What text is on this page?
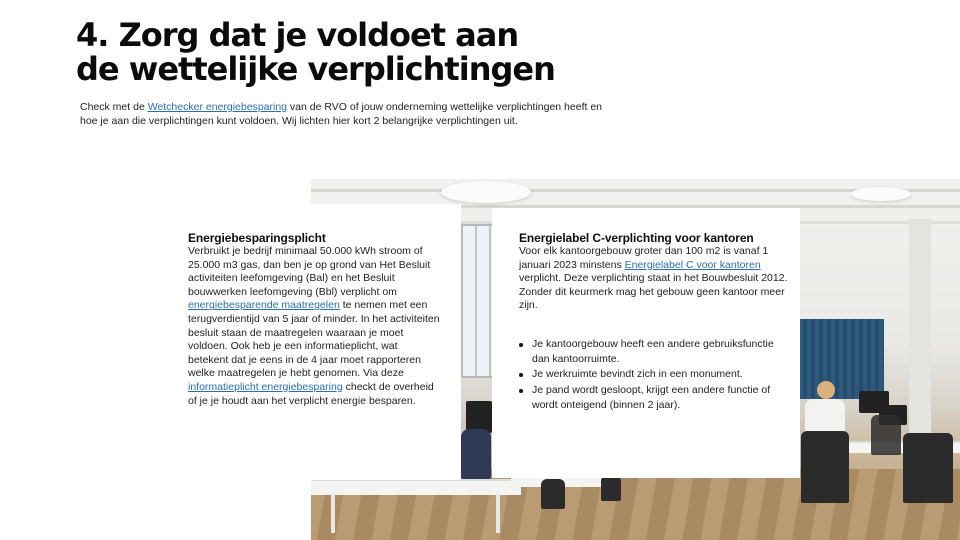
4. Zorg dat je voldoet aan
de wettelijke verplichtingen

Check met de Wetchecker energiebesparing van de RVO of jouw onderneming wettelijke verplichtingen heeft en hoe je aan die verplichtingen kunt voldoen. Wij lichten hier kort 2 belangrijke verplichtingen uit.

Energiebesparingsplicht

Verbruikt je bedrijf minimaal 50.000 kWh stroom of 25.000 m3 gas, dan ben je op grond van Het Besluit activiteiten leefomgeving (Bal) en het Besluit bouwwerken leefomgeving (Bbl) verplicht om energiebesparende maatregelen te nemen met een terugverdientijd van 5 jaar of minder. In het activiteiten besluit staan de maatregelen waaraan je moet voldoen. Ook heb je een informatieplicht, wat betekent dat je eens in de 4 jaar moet rapporteren welke maatregelen je hebt genomen. Via deze informatieplicht energiebesparing checkt de overheid of je je houdt aan het verplicht energie besparen.

Energielabel C-verplichting voor kantoren

Voor elk kantoorgebouw groter dan 100 m2 is vanaf 1 januari 2023 minstens Energielabel C voor kantoren verplicht. Deze verplichting staat in het Bouwbesluit 2012. Zonder dit keurmerk mag het gebouw geen kantoor meer zijn.

Je kantoorgebouw heeft een andere gebruiksfunctie dan kantoorruimte.
Je werkruimte bevindt zich in een monument.
Je pand wordt gesloopt, krijgt een andere functie of wordt onteigend (binnen 2 jaar).
